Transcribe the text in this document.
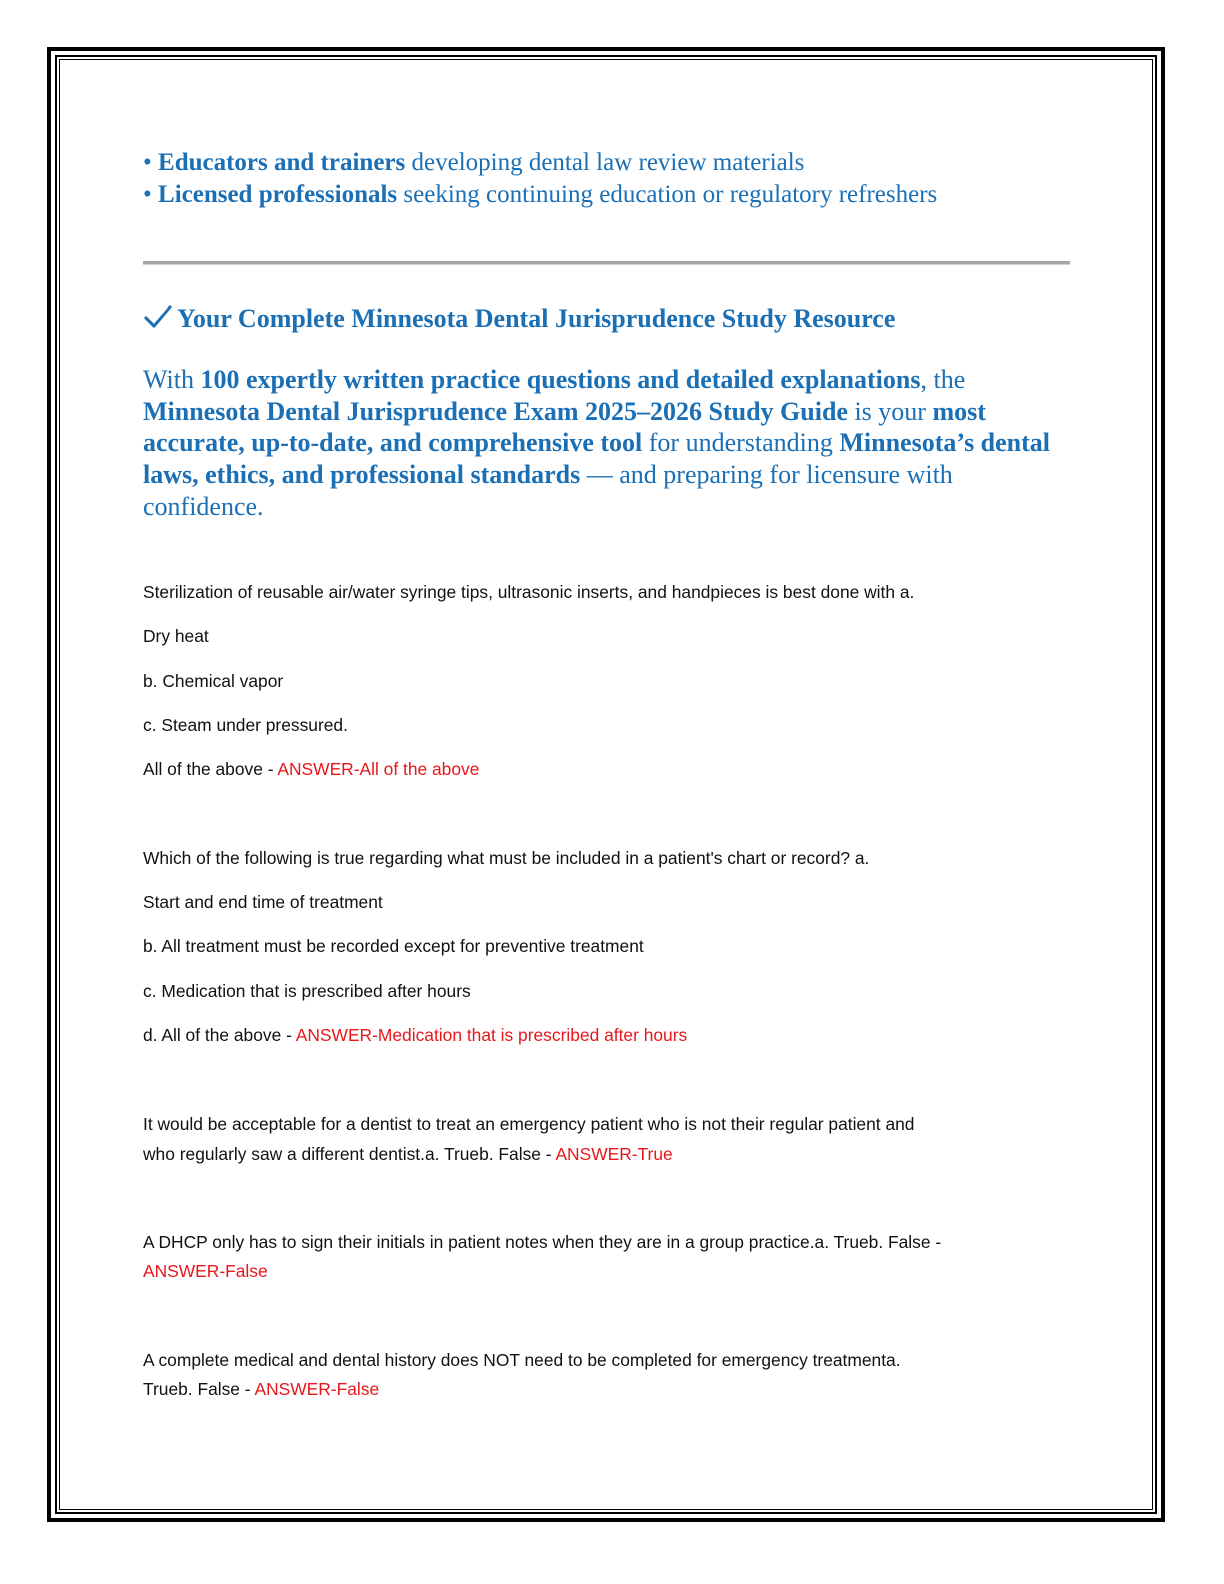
• Educators and trainers developing dental law review materials
• Licensed professionals seeking continuing education or regulatory refreshers
Your Complete Minnesota Dental Jurisprudence Study Resource
With 100 expertly written practice questions and detailed explanations, the
Minnesota Dental Jurisprudence Exam 2025–2026 Study Guide is your most accurate, up-to-date, and comprehensive tool for understanding Minnesota’s dental laws, ethics, and professional standards — and preparing for licensure with confidence.
Sterilization of reusable air/water syringe tips, ultrasonic inserts, and handpieces is best done with a.
Dry heat
b. Chemical vapor
c. Steam under pressured.
All of the above - ANSWER-All of the above
Which of the following is true regarding what must be included in a patient's chart or record? a.
Start and end time of treatment
b. All treatment must be recorded except for preventive treatment
c. Medication that is prescribed after hours
d. All of the above - ANSWER-Medication that is prescribed after hours
It would be acceptable for a dentist to treat an emergency patient who is not their regular patient and
who regularly saw a different dentist.a. Trueb. False - ANSWER-True
A DHCP only has to sign their initials in patient notes when they are in a group practice.a. Trueb. False -
ANSWER-False
A complete medical and dental history does NOT need to be completed for emergency treatmenta.
Trueb. False - ANSWER-False
